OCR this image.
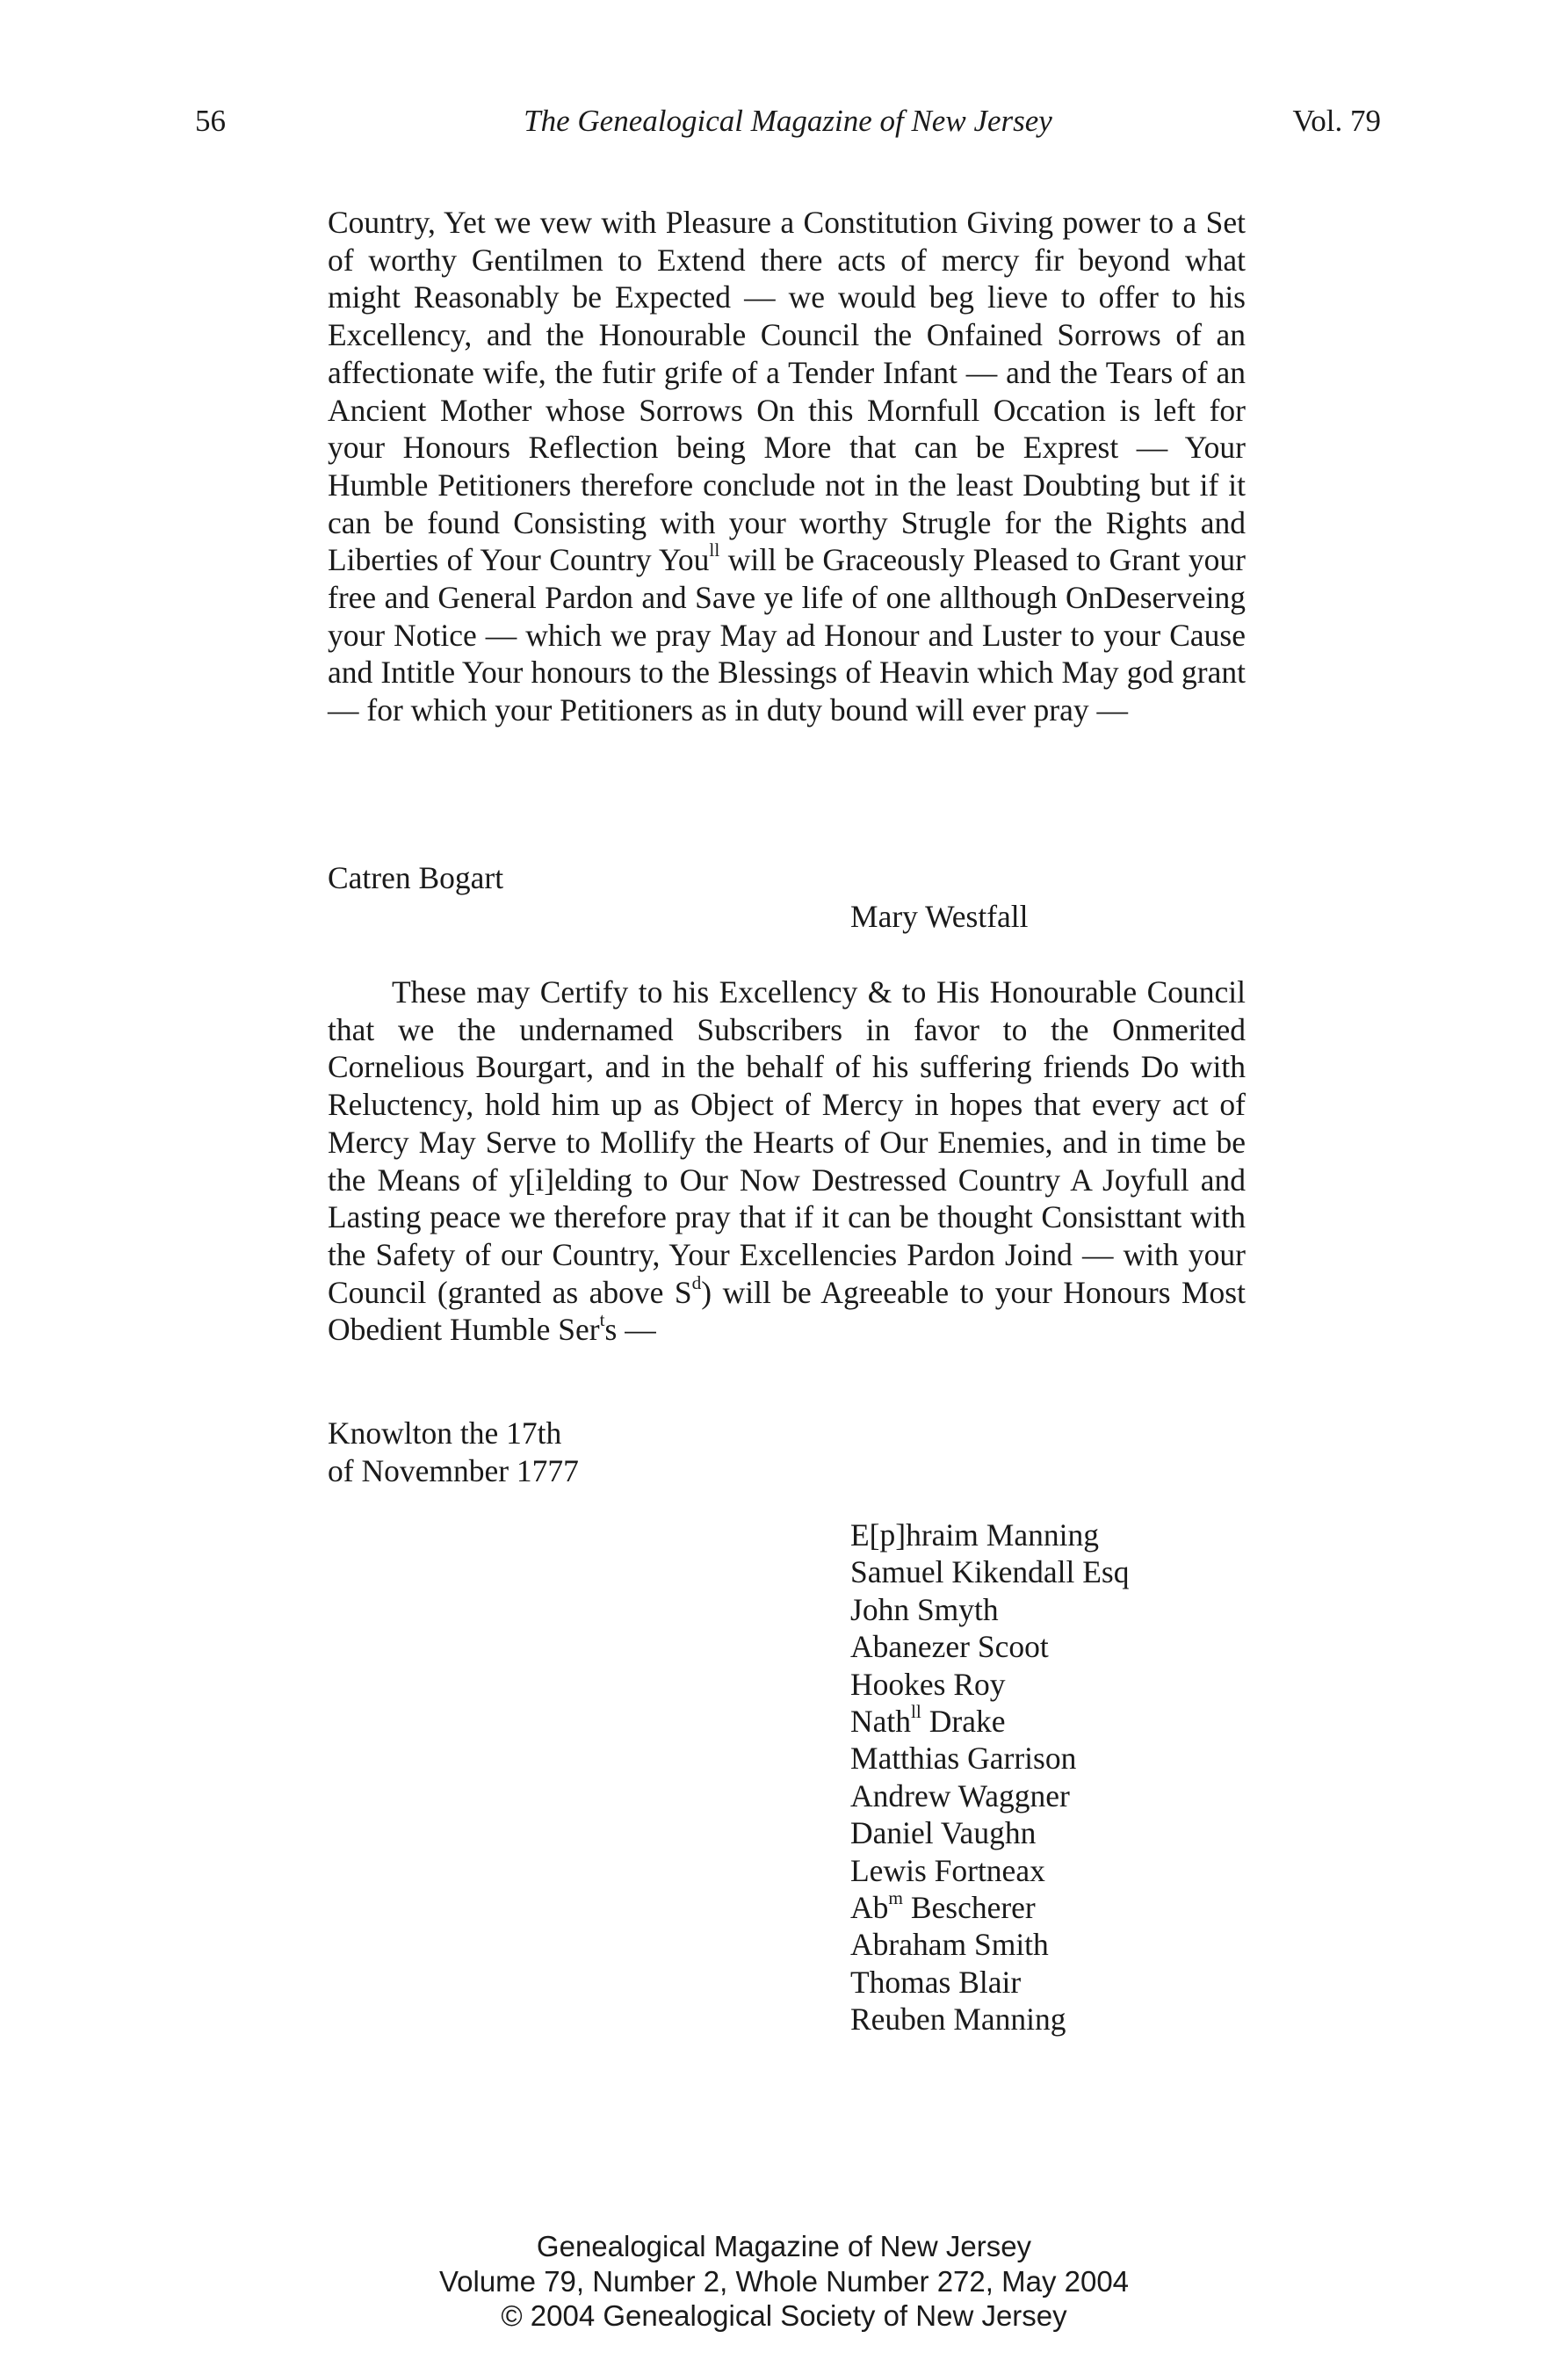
56	The Genealogical Magazine of New Jersey	Vol. 79

Country, Yet we vew with Pleasure a Constitution Giving power to a Set of worthy Gentilmen to Extend there acts of mercy fir beyond what might Reasonably be Expected — we would beg lieve to offer to his Excellency, and the Honourable Council the Onfained Sorrows of an affectionate wife, the futir grife of a Tender Infant — and the Tears of an Ancient Mother whose Sorrows On this Mornfull Occation is left for your Honours Reflection being More that can be Exprest — Your Humble Petitioners therefore conclude not in the least Doubting but if it can be found Consisting with your worthy Strugle for the Rights and Liberties of Your Country You$^{ll}$ will be Graceously Pleased to Grant your free and General Pardon and Save ye life of one allthough OnDeserveing your Notice — which we pray May ad Honour and Luster to your Cause and Intitle Your honours to the Blessings of Heavin which May god grant — for which your Petitioners as in duty bound will ever pray —

Catren Bogart
Mary Westfall

These may Certify to his Excellency & to His Honourable Council that we the undernamed Subscribers in favor to the Onmerited Cornelious Bourgart, and in the behalf of his suffering friends Do with Reluctency, hold him up as Object of Mercy in hopes that every act of Mercy May Serve to Mollify the Hearts of Our Enemies, and in time be the Means of y[i]elding to Our Now Destressed Country A Joyfull and Lasting peace we therefore pray that if it can be thought Consisttant with the Safety of our Country, Your Excellencies Pardon Joind — with your Council (granted as above $S^d$) will be Agreeable to your Honours Most Obedient Humble Ser$^t$s —

Knowlton the 17th
of Novemnber 1777
E[p]hraim Manning
Samuel Kikendall Esq
John Smyth
Abanezer Scoot
Hookes Roy
Nath$^{ll}$ Drake
Matthias Garrison
Andrew Waggner
Daniel Vaughn
Lewis Fortneax
Ab$^m$ Bescherer
Abraham Smith
Thomas Blair
Reuben Manning
Genealogical Magazine of New Jersey
Volume 79, Number 2, Whole Number 272, May 2004
© 2004 Genealogical Society of New Jersey
